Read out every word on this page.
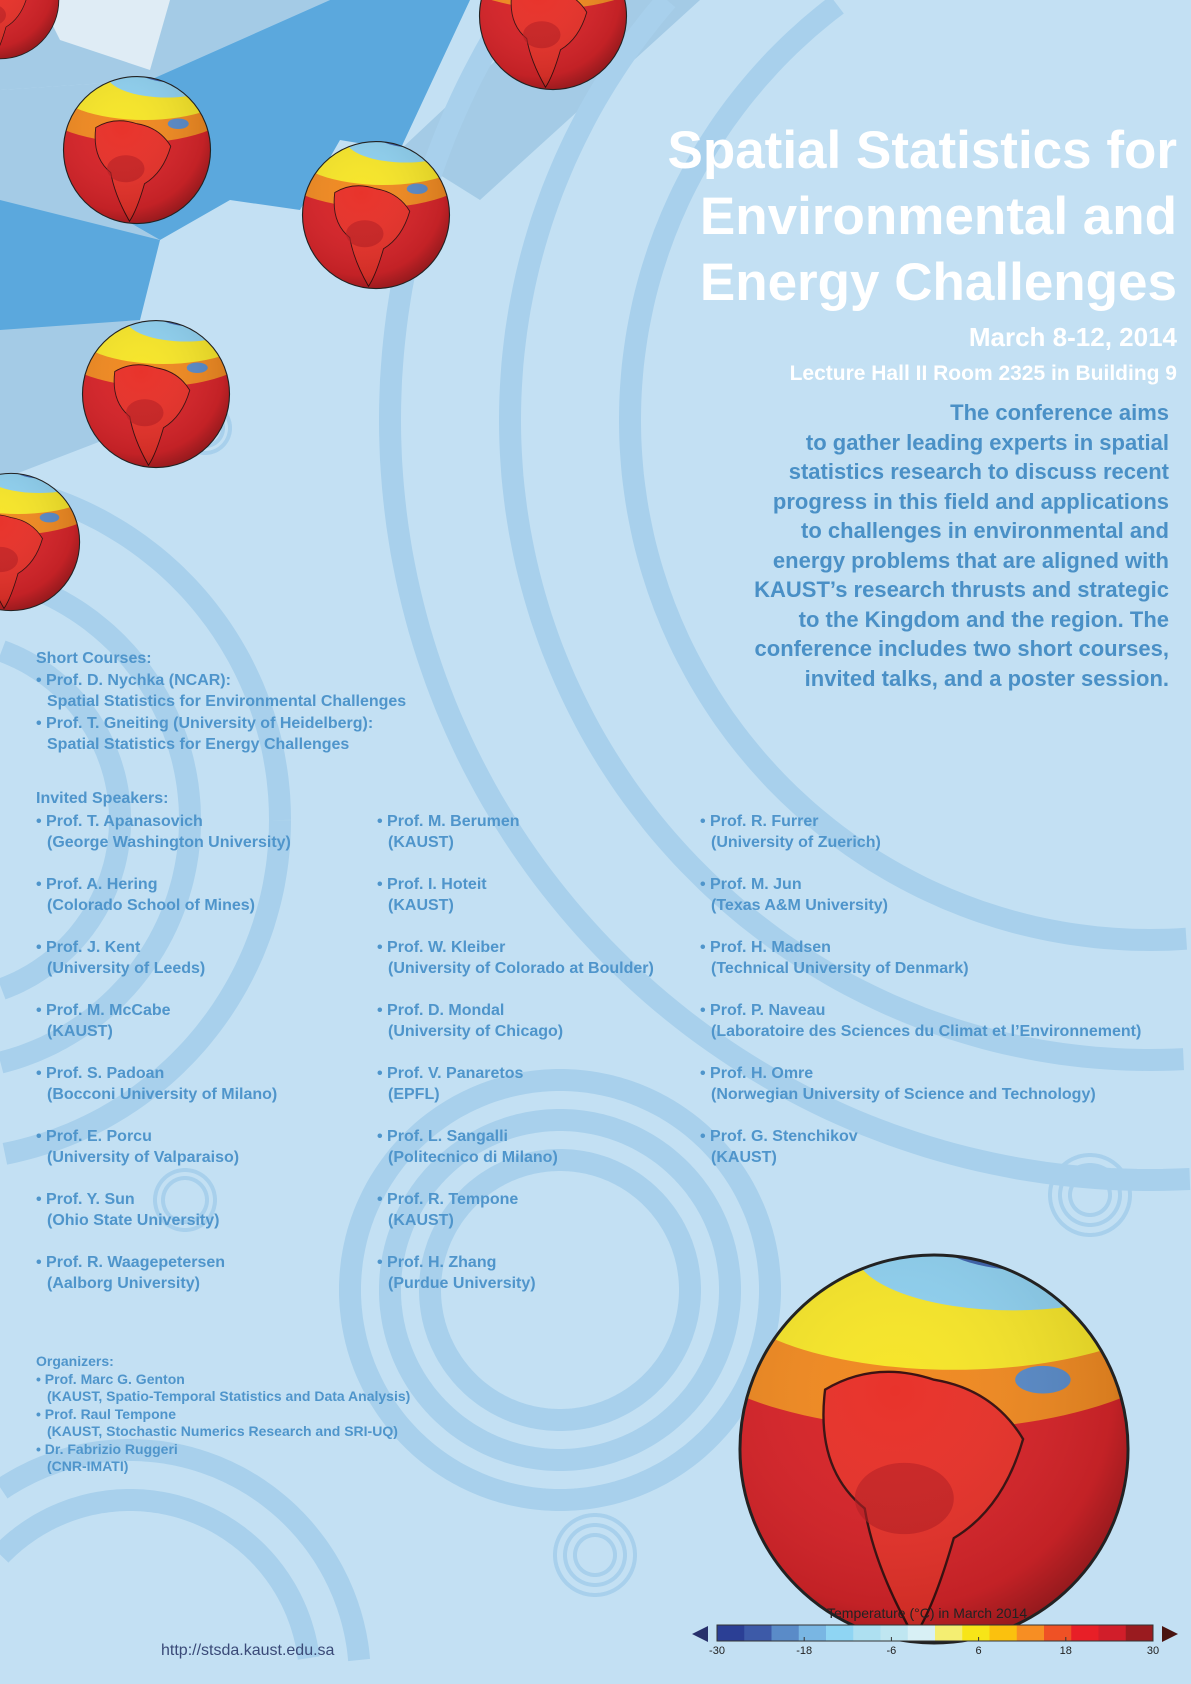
Spatial Statistics for
Environmental and
Energy Challenges
March 8-12, 2014
Lecture Hall II Room 2325 in Building 9
The conference aims
to gather leading experts in spatial
statistics research to discuss recent
progress in this field and applications
to challenges in environmental and
energy problems that are aligned with
KAUST’s research thrusts and strategic
to the Kingdom and the region. The
conference includes two short courses,
invited talks, and a poster session.
Short Courses:
• Prof. D. Nychka (NCAR):
Spatial Statistics for Environmental Challenges
• Prof. T. Gneiting (University of Heidelberg):
Spatial Statistics for Energy Challenges
Invited Speakers:
• Prof. T. Apanasovich
(George Washington University)
• Prof. A. Hering
(Colorado School of Mines)
• Prof. J. Kent
(University of Leeds)
• Prof. M. McCabe
(KAUST)
• Prof. S. Padoan
(Bocconi University of Milano)
• Prof. E. Porcu
(University of Valparaiso)
• Prof. Y. Sun
(Ohio State University)
• Prof. R. Waagepetersen
(Aalborg University)
• Prof. M. Berumen
(KAUST)
• Prof. I. Hoteit
(KAUST)
• Prof. W. Kleiber
(University of Colorado at Boulder)
• Prof. D. Mondal
(University of Chicago)
• Prof. V. Panaretos
(EPFL)
• Prof. L. Sangalli
(Politecnico di Milano)
• Prof. R. Tempone
(KAUST)
• Prof. H. Zhang
(Purdue University)
• Prof. R. Furrer
(University of Zuerich)
• Prof. M. Jun
(Texas A&M University)
• Prof. H. Madsen
(Technical University of Denmark)
• Prof. P. Naveau
(Laboratoire des Sciences du Climat et l’Environnement)
• Prof. H. Omre
(Norwegian University of Science and Technology)
• Prof. G. Stenchikov
(KAUST)
Organizers:
• Prof. Marc G. Genton
(KAUST, Spatio-Temporal Statistics and Data Analysis)
• Prof. Raul Tempone
(KAUST, Stochastic Numerics Research and SRI-UQ)
• Dr. Fabrizio Ruggeri
(CNR-IMATI)
http://stsda.kaust.edu.sa
Temperature (°C) in March 2014
-30	-18	-6	6	18	30
